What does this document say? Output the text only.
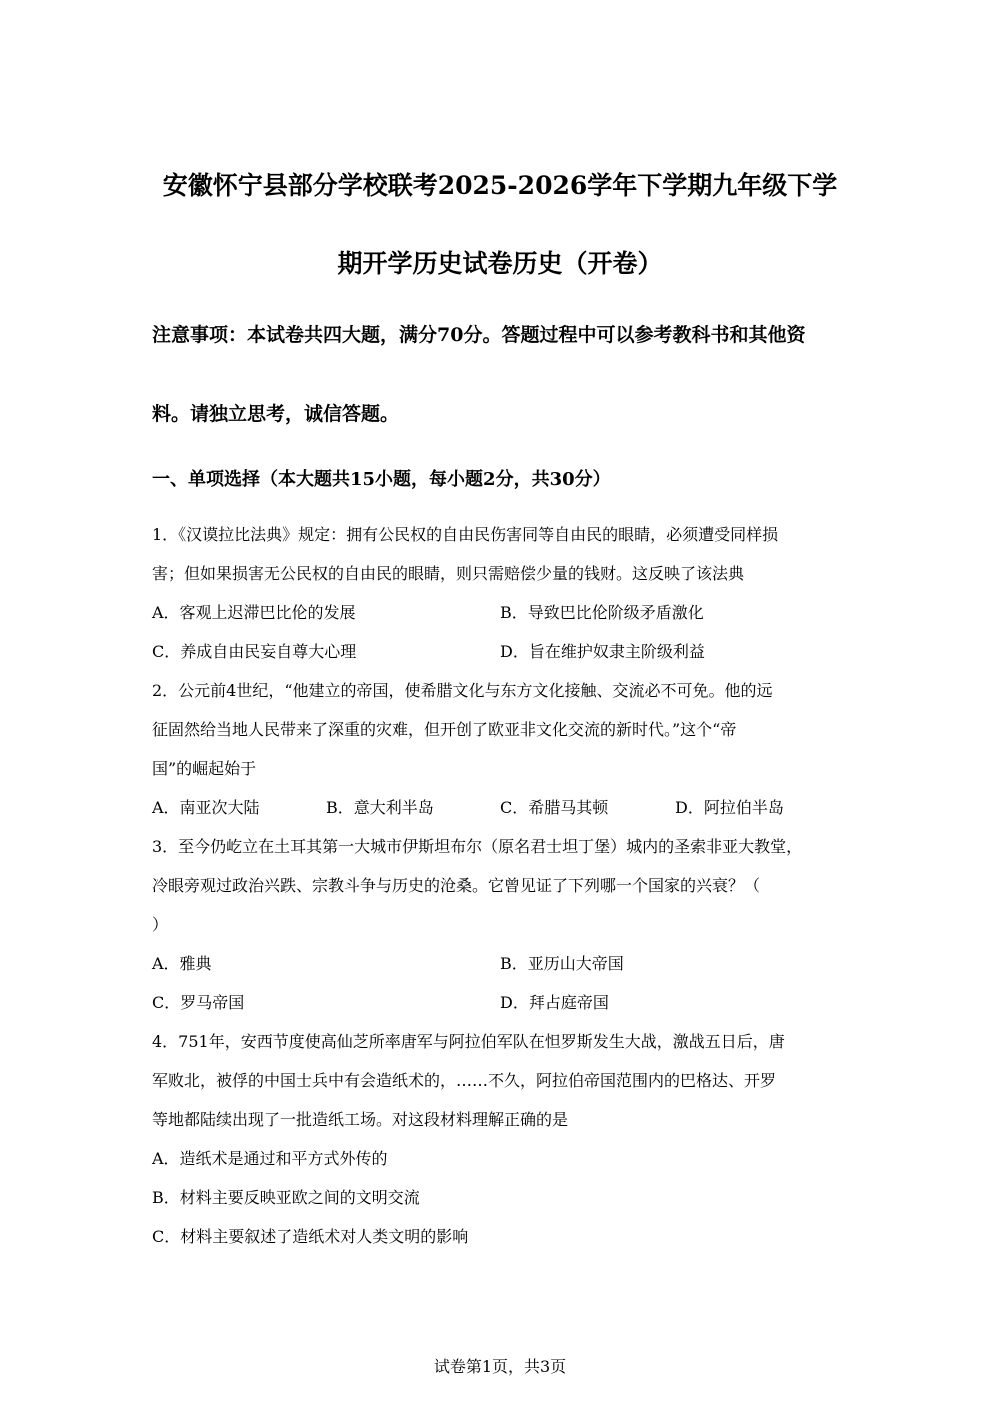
安徽怀宁县部分学校联考2025-2026学年下学期九年级下学
期开学历史试卷历史（开卷）
注意事项：本试卷共四大题，满分70分。答题过程中可以参考教科书和其他资
料。请独立思考，诚信答题。
一、单项选择（本大题共15小题，每小题2分，共30分）
1．《汉谟拉比法典》规定：拥有公民权的自由民伤害同等自由民的眼睛，必须遭受同样损
害；但如果损害无公民权的自由民的眼睛，则只需赔偿少量的钱财。这反映了该法典
A．客观上迟滞巴比伦的发展	B．导致巴比伦阶级矛盾激化
C．养成自由民妄自尊大心理	D．旨在维护奴隶主阶级利益
2．公元前4世纪，“他建立的帝国，使希腊文化与东方文化接触、交流必不可免。他的远
征固然给当地人民带来了深重的灾难，但开创了欧亚非文化交流的新时代。”这个“帝
国”的崛起始于
A．南亚次大陆	B．意大利半岛	C．希腊马其顿	D．阿拉伯半岛
3．至今仍屹立在土耳其第一大城市伊斯坦布尔（原名君士坦丁堡）城内的圣索非亚大教堂，
冷眼旁观过政治兴跌、宗教斗争与历史的沧桑。它曾见证了下列哪一个国家的兴衰？（
）
A．雅典	B．亚历山大帝国
C．罗马帝国	D．拜占庭帝国
4．751年，安西节度使高仙芝所率唐军与阿拉伯军队在怛罗斯发生大战，激战五日后，唐
军败北，被俘的中国士兵中有会造纸术的，……不久，阿拉伯帝国范围内的巴格达、开罗
等地都陆续出现了一批造纸工场。对这段材料理解正确的是
A．造纸术是通过和平方式外传的
B．材料主要反映亚欧之间的文明交流
C．材料主要叙述了造纸术对人类文明的影响
试卷第1页，共3页
